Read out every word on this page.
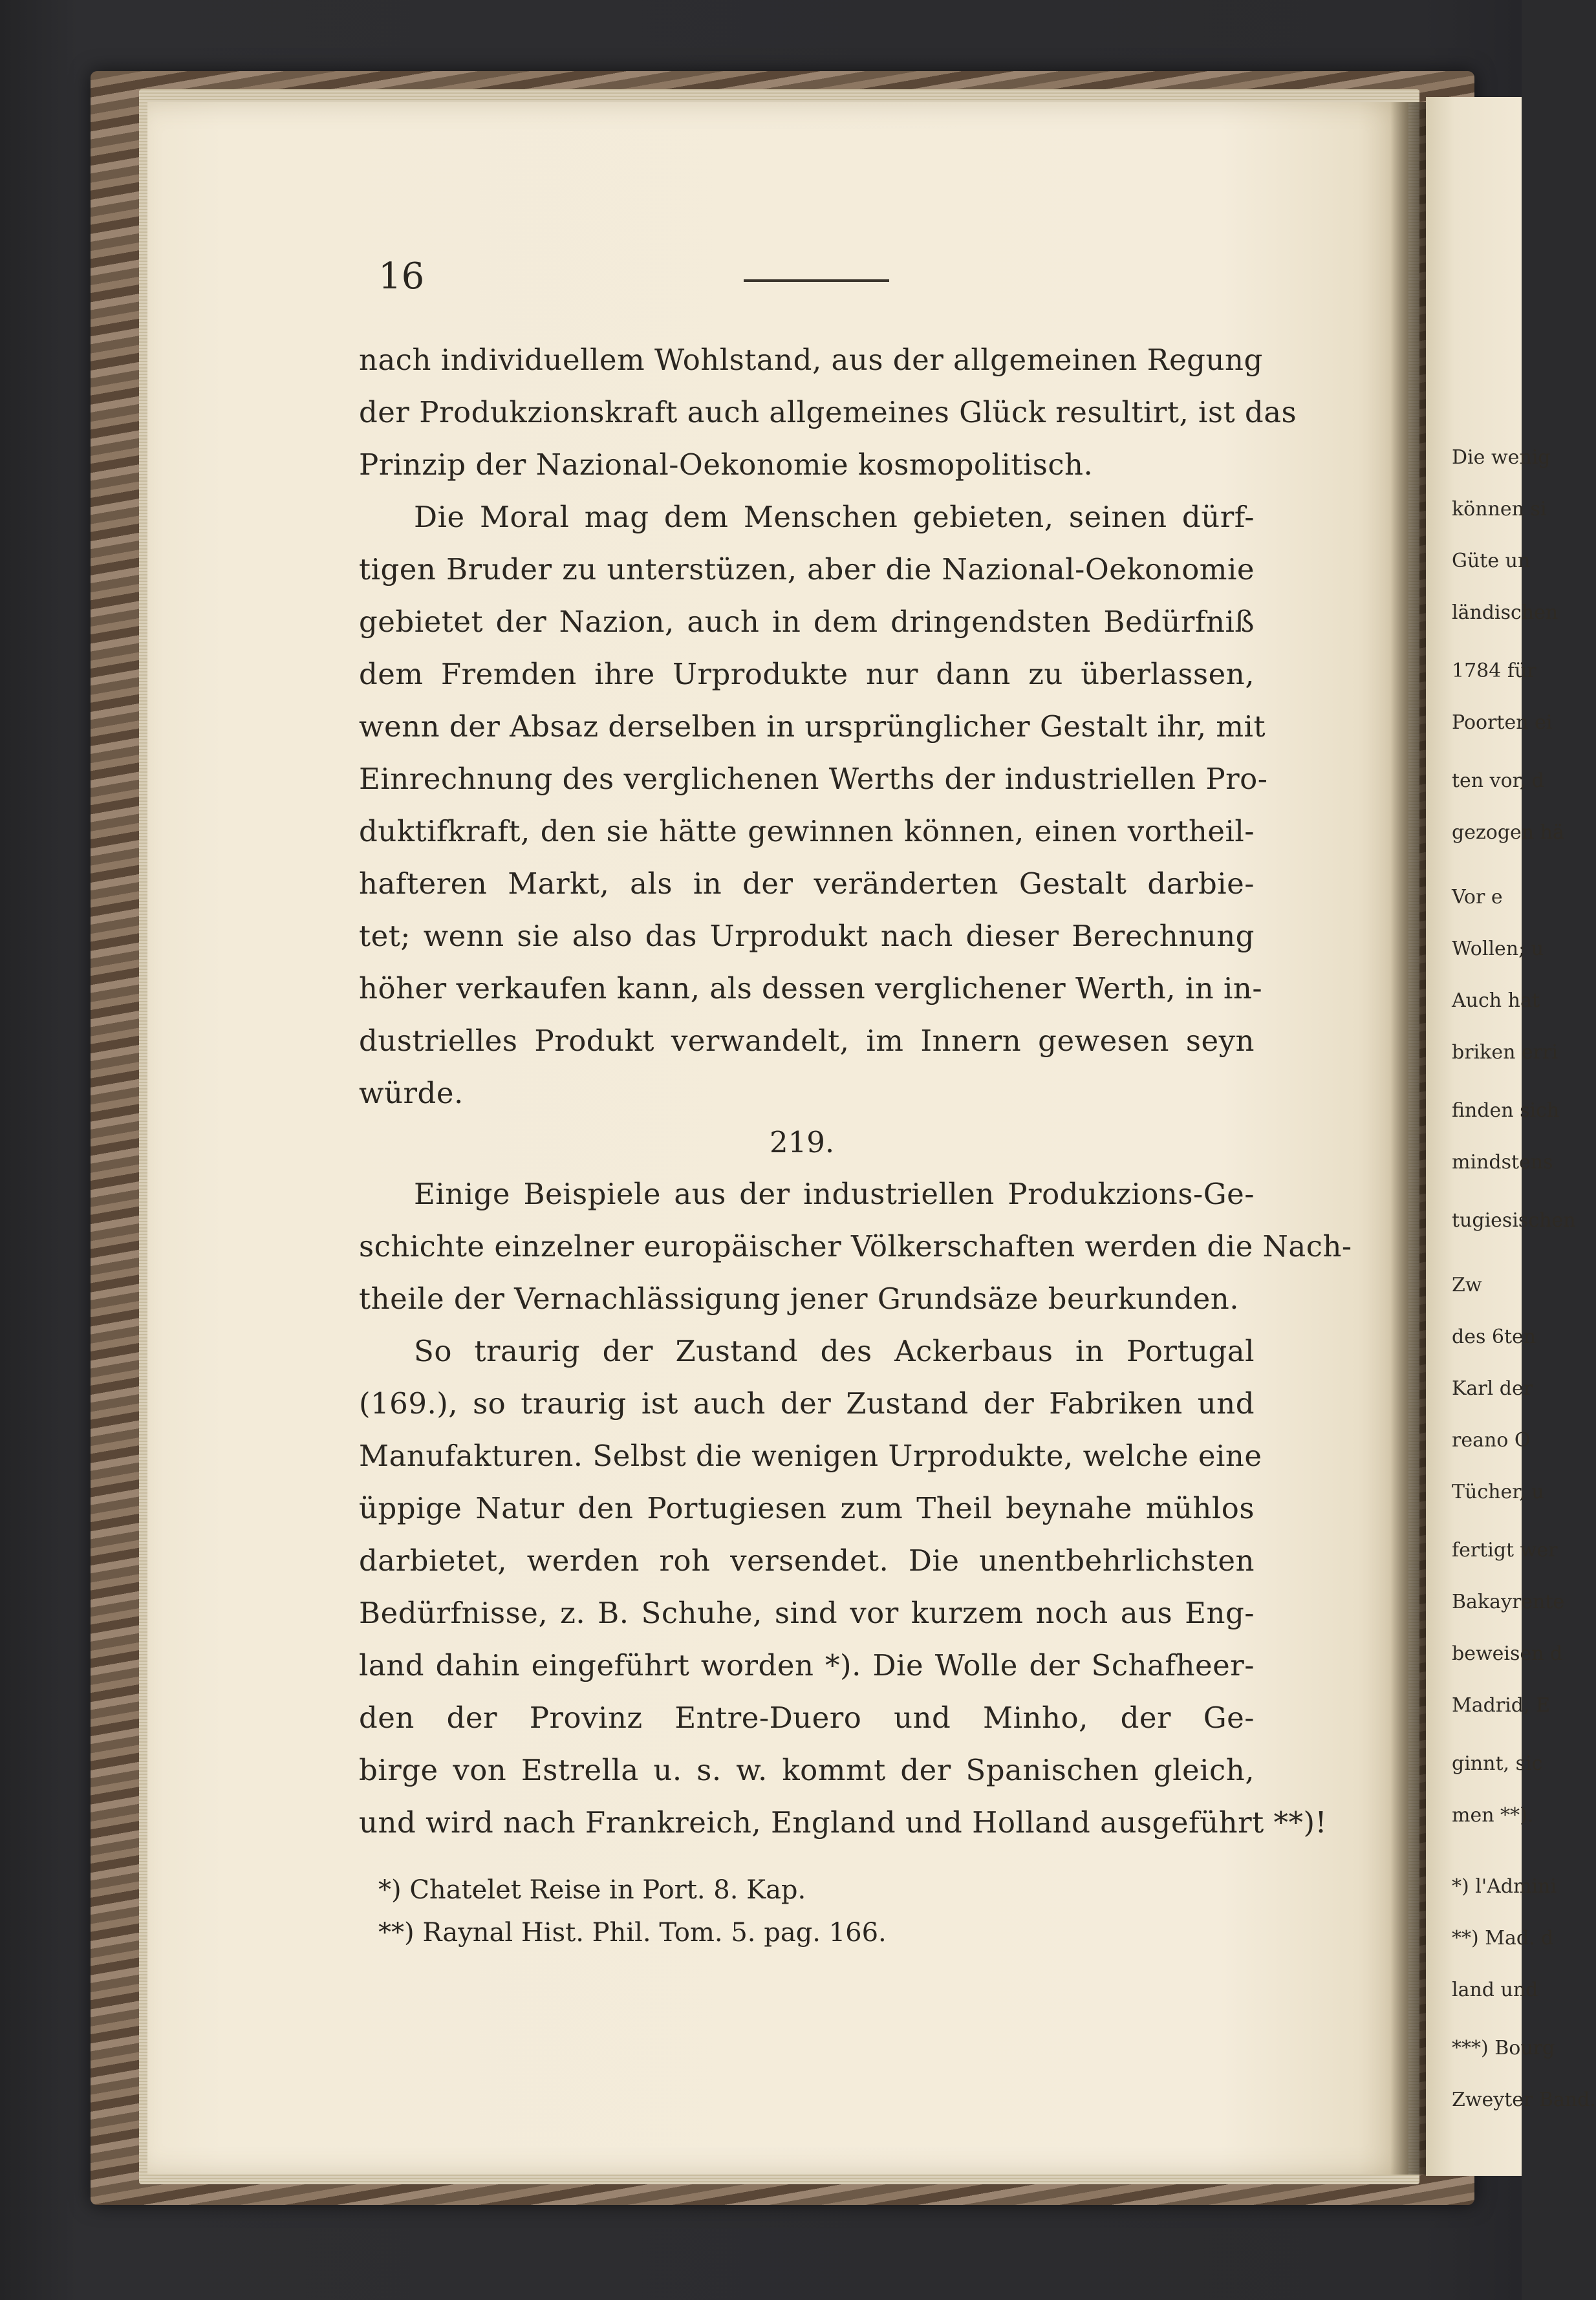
Die wenig
können si
Güte un
ländischen
1784 für
Poorten ei
ten vor, d
gezogen hä
Vor e
Wollen; u
Auch hat
briken erri
finden sich
mindstens
tugiesischen
Zw
des 6ten
Karl der
reano O
Tücher, u
fertigt wer
Bakayrente
beweisen d
Madrid, E
ginnt, sic
men **).
*) l'Admini
**) Mad. d
land und
***) Bourg
Zweyter Band.
16
nach individuellem Wohlstand, aus der allgemeinen Regung
der Produkzionskraft auch allgemeines Glück resultirt, ist das
Prinzip der Nazional-Oekonomie kosmopolitisch.
Die Moral mag dem Menschen gebieten, seinen dürf-
tigen Bruder zu unterstüzen, aber die Nazional-Oekonomie
gebietet der Nazion, auch in dem dringendsten Bedürfniß
dem Fremden ihre Urprodukte nur dann zu überlassen,
wenn der Absaz derselben in ursprünglicher Gestalt ihr, mit
Einrechnung des verglichenen Werths der industriellen Pro-
duktifkraft, den sie hätte gewinnen können, einen vortheil-
hafteren Markt, als in der veränderten Gestalt darbie-
tet; wenn sie also das Urprodukt nach dieser Berechnung
höher verkaufen kann, als dessen verglichener Werth, in in-
dustrielles Produkt verwandelt, im Innern gewesen seyn
würde.
219.
Einige Beispiele aus der industriellen Produkzions-Ge-
schichte einzelner europäischer Völkerschaften werden die Nach-
theile der Vernachlässigung jener Grundsäze beurkunden.
So traurig der Zustand des Ackerbaus in Portugal
(169.), so traurig ist auch der Zustand der Fabriken und
Manufakturen. Selbst die wenigen Urprodukte, welche eine
üppige Natur den Portugiesen zum Theil beynahe mühlos
darbietet, werden roh versendet. Die unentbehrlichsten
Bedürfnisse, z. B. Schuhe, sind vor kurzem noch aus Eng-
land dahin eingeführt worden *). Die Wolle der Schafheer-
den der Provinz Entre-Duero und Minho, der Ge-
birge von Estrella u. s. w. kommt der Spanischen gleich,
und wird nach Frankreich, England und Holland ausgeführt **)!
*) Chatelet Reise in Port. 8. Kap.
**) Raynal Hist. Phil. Tom. 5. pag. 166.
